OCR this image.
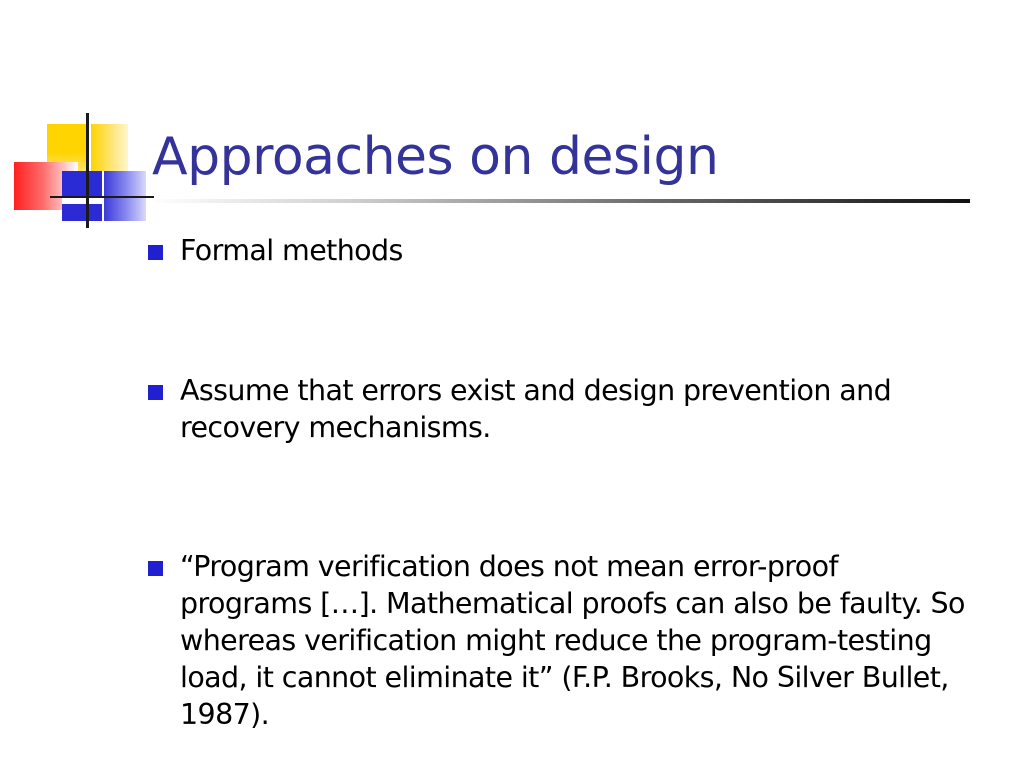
Approaches on design
Formal methods
Assume that errors exist and design prevention and recovery mechanisms.
“Program verification does not mean error-proof programs […]. Mathematical proofs can also be faulty. So whereas verification might reduce the program-testing load, it cannot eliminate it” (F.P. Brooks, No Silver Bullet, 1987).
